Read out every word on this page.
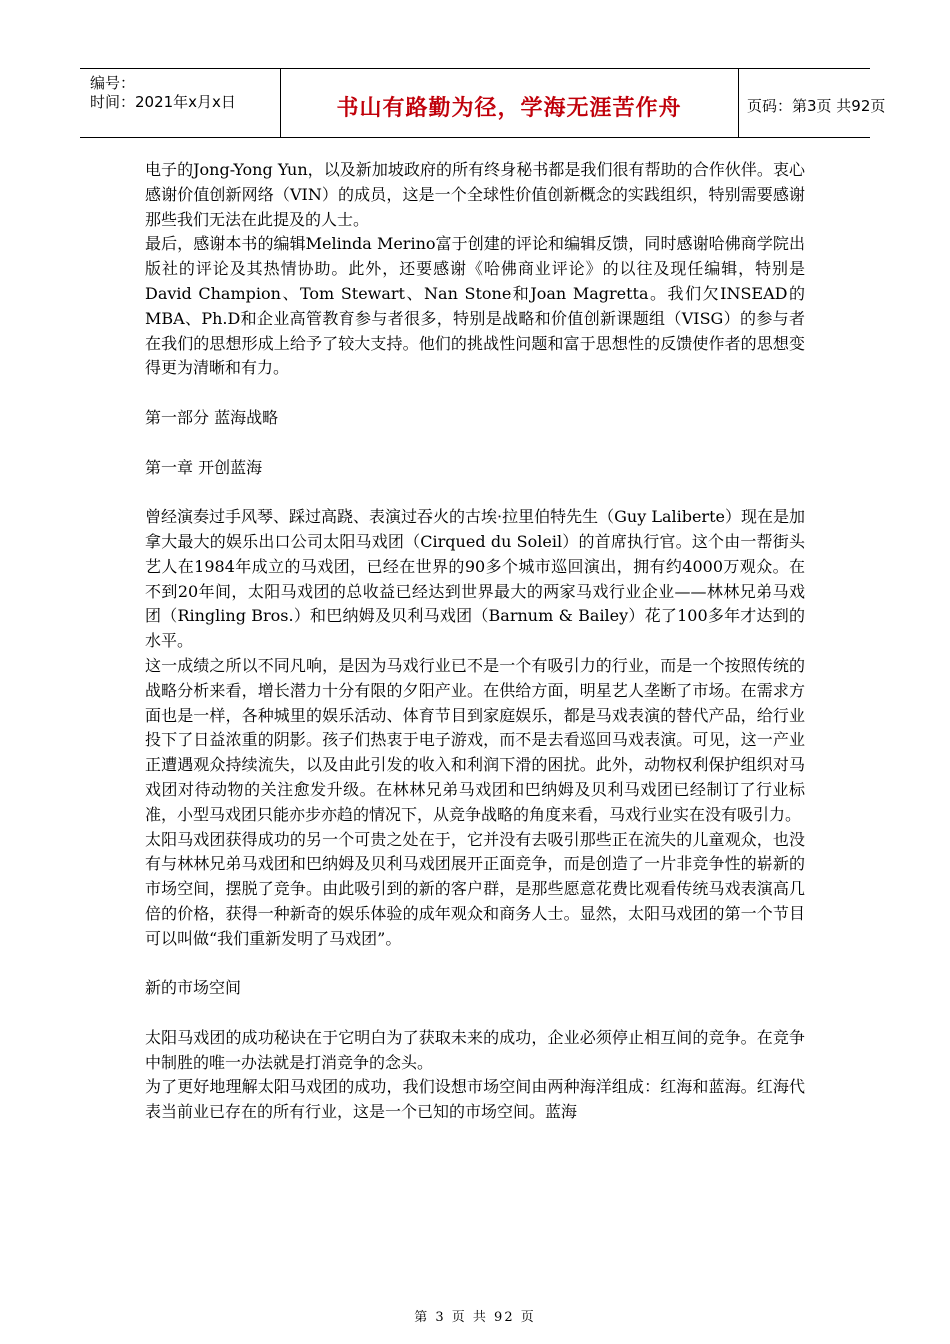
编号：
时间：2021年x月x日	书山有路勤为径，学海无涯苦作舟	页码：第3页 共92页

电子的Jong-Yong Yun，以及新加坡政府的所有终身秘书都是我们很有帮助的合作伙伴。衷心感谢价值创新网络（VIN）的成员，这是一个全球性价值创新概念的实践组织，特别需要感谢那些我们无法在此提及的人士。

最后，感谢本书的编辑Melinda Merino富于创建的评论和编辑反馈，同时感谢哈佛商学院出版社的评论及其热情协助。此外，还要感谢《哈佛商业评论》的以往及现任编辑，特别是David Champion、Tom Stewart、Nan Stone和Joan Magretta。我们欠INSEAD的MBA、Ph.D和企业高管教育参与者很多，特别是战略和价值创新课题组（VISG）的参与者在我们的思想形成上给予了较大支持。他们的挑战性问题和富于思想性的反馈使作者的思想变得更为清晰和有力。

第一部分 蓝海战略

第一章 开创蓝海

曾经演奏过手风琴、踩过高跷、表演过吞火的古埃·拉里伯特先生（Guy Laliberte）现在是加拿大最大的娱乐出口公司太阳马戏团（Cirqued du Soleil）的首席执行官。这个由一帮街头艺人在1984年成立的马戏团，已经在世界的90多个城市巡回演出，拥有约4000万观众。在不到20年间，太阳马戏团的总收益已经达到世界最大的两家马戏行业企业——林林兄弟马戏团（Ringling Bros.）和巴纳姆及贝利马戏团（Barnum & Bailey）花了100多年才达到的水平。

这一成绩之所以不同凡响，是因为马戏行业已不是一个有吸引力的行业，而是一个按照传统的战略分析来看，增长潜力十分有限的夕阳产业。在供给方面，明星艺人垄断了市场。在需求方面也是一样，各种城里的娱乐活动、体育节目到家庭娱乐，都是马戏表演的替代产品，给行业投下了日益浓重的阴影。孩子们热衷于电子游戏，而不是去看巡回马戏表演。可见，这一产业正遭遇观众持续流失，以及由此引发的收入和利润下滑的困扰。此外，动物权利保护组织对马戏团对待动物的关注愈发升级。在林林兄弟马戏团和巴纳姆及贝利马戏团已经制订了行业标准，小型马戏团只能亦步亦趋的情况下，从竞争战略的角度来看，马戏行业实在没有吸引力。

太阳马戏团获得成功的另一个可贵之处在于，它并没有去吸引那些正在流失的儿童观众，也没有与林林兄弟马戏团和巴纳姆及贝利马戏团展开正面竞争，而是创造了一片非竞争性的崭新的市场空间，摆脱了竞争。由此吸引到的新的客户群，是那些愿意花费比观看传统马戏表演高几倍的价格，获得一种新奇的娱乐体验的成年观众和商务人士。显然，太阳马戏团的第一个节目可以叫做“我们重新发明了马戏团”。

新的市场空间

太阳马戏团的成功秘诀在于它明白为了获取未来的成功，企业必须停止相互间的竞争。在竞争中制胜的唯一办法就是打消竞争的念头。

为了更好地理解太阳马戏团的成功，我们设想市场空间由两种海洋组成：红海和蓝海。红海代表当前业已存在的所有行业，这是一个已知的市场空间。蓝海

第 3 页 共 92 页
